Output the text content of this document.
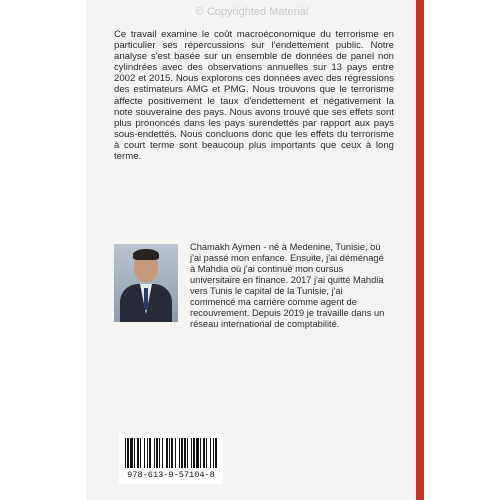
© Copyrighted Material

Ce travail examine le coût macroéconomique du terrorisme en particulier ses répercussions sur l'endettement public. Notre analyse s'est basée sur un ensemble de données de panel non cylindrées avec des observations annuelles sur 13 pays entre 2002 et 2015. Nous explorons ces données avec des régressions des estimateurs AMG et PMG. Nous trouvons que le terrorisme affecte positivement le taux d'endettement et négativement la note souveraine des pays. Nous avons trouvé que ses effets sont plus prononcés dans les pays surendettés par rapport aux pays sous-endettés. Nous concluons donc que les effets du terrorisme à court terme sont beaucoup plus importants que ceux à long terme.

Chamakh Aymen - né à Medenine, Tunisie, où j'ai passé mon enfance. Ensuite, j'ai déménagé à Mahdia où j'ai continué mon cursus universitaire en finance. 2017 j'ai quitté Mahdia vers Tunis le capital de la Tunisie, j'ai commencé ma carrière comme agent de recouvrement. Depuis 2019 je travaille dans un réseau international de comptabilité.

978-613-9-57104-8
